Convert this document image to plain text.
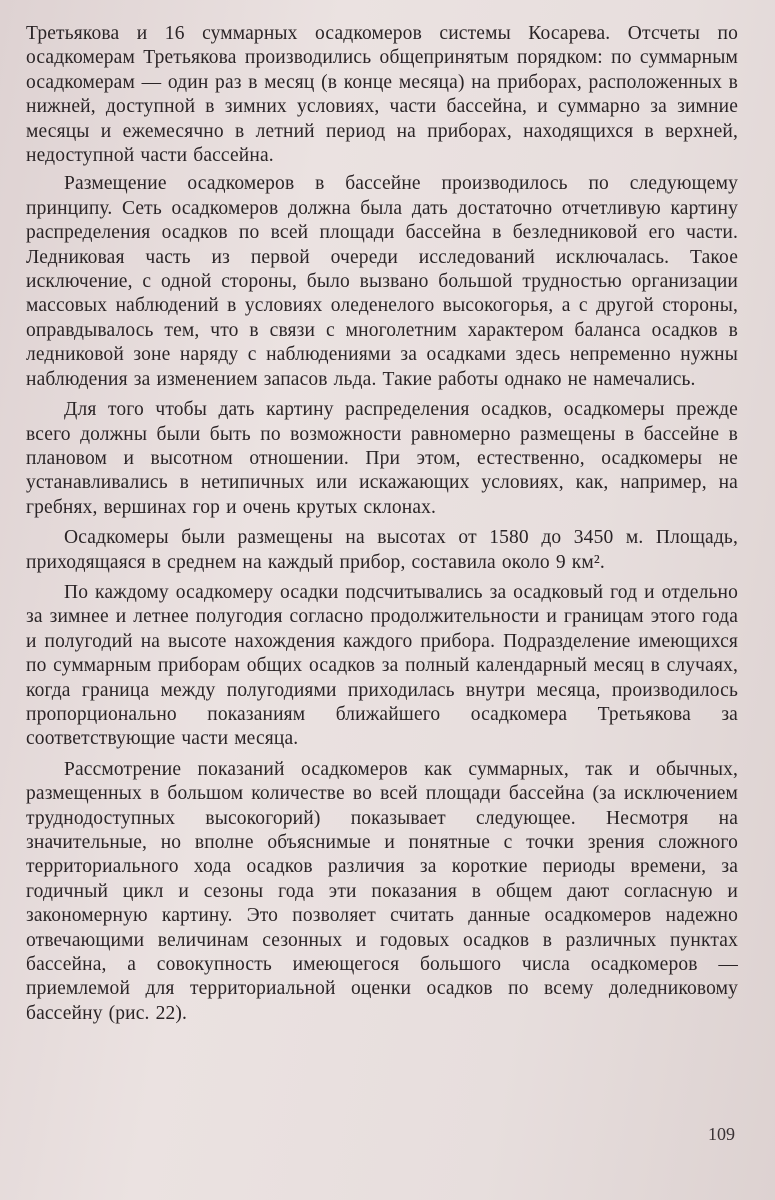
Третьякова и 16 суммарных осадкомеров системы Косарева. Отсчеты по осадкомерам Третьякова производились общепринятым порядком: по суммарным осадкомерам — один раз в месяц (в конце месяца) на приборах, расположенных в нижней, доступной в зимних условиях, части бассейна, и суммарно за зимние месяцы и ежемесячно в летний период на приборах, находящихся в верхней, недоступной части бассейна.

Размещение осадкомеров в бассейне производилось по следующему принципу. Сеть осадкомеров должна была дать достаточно отчетливую картину распределения осадков по всей площади бассейна в безледниковой его части. Ледниковая часть из первой очереди исследований исключалась. Такое исключение, с одной стороны, было вызвано большой трудностью организации массовых наблюдений в условиях оледенелого высокогорья, а с другой стороны, оправдывалось тем, что в связи с многолетним характером баланса осадков в ледниковой зоне наряду с наблюдениями за осадками здесь непременно нужны наблюдения за изменением запасов льда. Такие работы однако не намечались.

Для того чтобы дать картину распределения осадков, осадкомеры прежде всего должны были быть по возможности равномерно размещены в бассейне в плановом и высотном отношении. При этом, естественно, осадкомеры не устанавливались в нетипичных или искажающих условиях, как, например, на гребнях, вершинах гор и очень крутых склонах.

Осадкомеры были размещены на высотах от 1580 до 3450 м. Площадь, приходящаяся в среднем на каждый прибор, составила около 9 км².

По каждому осадкомеру осадки подсчитывались за осадковый год и отдельно за зимнее и летнее полугодия согласно продолжительности и границам этого года и полугодий на высоте нахождения каждого прибора. Подразделение имеющихся по суммарным приборам общих осадков за полный календарный месяц в случаях, когда граница между полугодиями приходилась внутри месяца, производилось пропорционально показаниям ближайшего осадкомера Третьякова за соответствующие части месяца.

Рассмотрение показаний осадкомеров как суммарных, так и обычных, размещенных в большом количестве во всей площади бассейна (за исключением труднодоступных высокогорий) показывает следующее. Несмотря на значительные, но вполне объяснимые и понятные с точки зрения сложного территориального хода осадков различия за короткие периоды времени, за годичный цикл и сезоны года эти показания в общем дают согласную и закономерную картину. Это позволяет считать данные осадкомеров надежно отвечающими величинам сезонных и годовых осадков в различных пунктах бассейна, а совокупность имеющегося большого числа осадкомеров — приемлемой для территориальной оценки осадков по всему доледниковому бассейну (рис. 22).

109
